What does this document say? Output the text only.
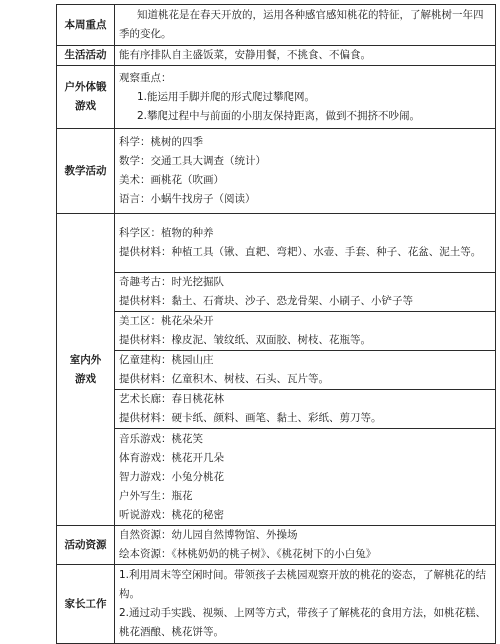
本周重点	知道桃花是在春天开放的，运用各种感官感知桃花的特征，了解桃树一年四季的变化。

生活活动	能有序排队自主盛饭菜，安静用餐，不挑食、不偏食。

户外体锻
游戏	观察重点：
1.能运用手脚并爬的形式爬过攀爬网。
2.攀爬过程中与前面的小朋友保持距离，做到不拥挤不吵闹。

教学活动	科学：桃树的四季
数学：交通工具大调查（统计）
美术：画桃花（吹画）
语言：小蜗牛找房子（阅读）

室内外
游戏	科学区：植物的种养
提供材料：种植工具（锹、直耙、弯耙）、水壶、手套、种子、花盆、泥土等。

	奇趣考古：时光挖掘队
提供材料：黏土、石膏块、沙子、恐龙骨架、小刷子、小铲子等

	美工区：桃花朵朵开
提供材料：橡皮泥、皱纹纸、双面胶、树枝、花瓶等。

	亿童建构：桃园山庄
提供材料：亿童积木、树枝、石头、瓦片等。

	艺术长廊：春日桃花林
提供材料：硬卡纸、颜料、画笔、黏土、彩纸、剪刀等。

	音乐游戏：桃花笑
体育游戏：桃花开几朵
智力游戏：小兔分桃花
户外写生：瓶花
听说游戏：桃花的秘密

活动资源	自然资源：幼儿园自然博物馆、外操场
绘本资源：《林桃奶奶的桃子树》、《桃花树下的小白兔》

家长工作	1.利用周末等空闲时间。带领孩子去桃园观察开放的桃花的姿态，了解桃花的结构。
2.通过动手实践、视频、上网等方式，带孩子了解桃花的食用方法，如桃花糕、桃花酒酿、桃花饼等。
